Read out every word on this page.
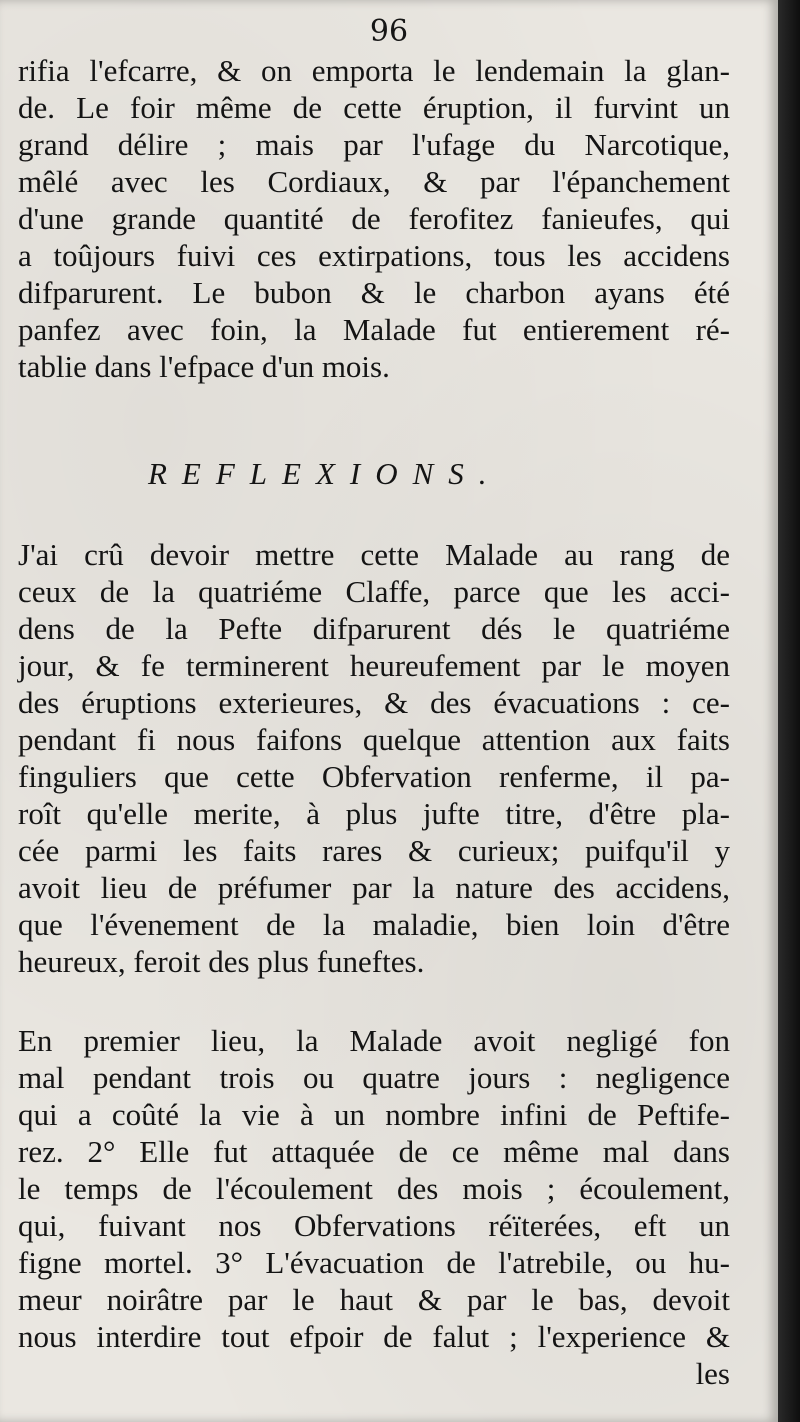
96
rifia l'efcarre, & on emporta le lendemain la glan-
de. Le foir même de cette éruption, il furvint un
grand délire ; mais par l'ufage du Narcotique,
mêlé avec les Cordiaux, & par l'épanchement
d'une grande quantité de ferofitez fanieufes, qui
a toûjours fuivi ces extirpations, tous les accidens
difparurent. Le bubon & le charbon ayans été
panfez avec foin, la Malade fut entierement ré-
tablie dans l'efpace d'un mois.
REFLEXIONS.
J'ai crû devoir mettre cette Malade au rang de
ceux de la quatriéme Claffe, parce que les acci-
dens de la Pefte difparurent dés le quatriéme
jour, & fe terminerent heureufement par le moyen
des éruptions exterieures, & des évacuations : ce-
pendant fi nous faifons quelque attention aux faits
finguliers que cette Obfervation renferme, il pa-
roît qu'elle merite, à plus jufte titre, d'être pla-
cée parmi les faits rares & curieux; puifqu'il y
avoit lieu de préfumer par la nature des accidens,
que l'évenement de la maladie, bien loin d'être
heureux, feroit des plus funeftes.
En premier lieu, la Malade avoit negligé fon
mal pendant trois ou quatre jours : negligence
qui a coûté la vie à un nombre infini de Peftife-
rez. 2° Elle fut attaquée de ce même mal dans
le temps de l'écoulement des mois ; écoulement,
qui, fuivant nos Obfervations réïterées, eft un
figne mortel. 3° L'évacuation de l'atrebile, ou hu-
meur noirâtre par le haut & par le bas, devoit
nous interdire tout efpoir de falut ; l'experience &
les
